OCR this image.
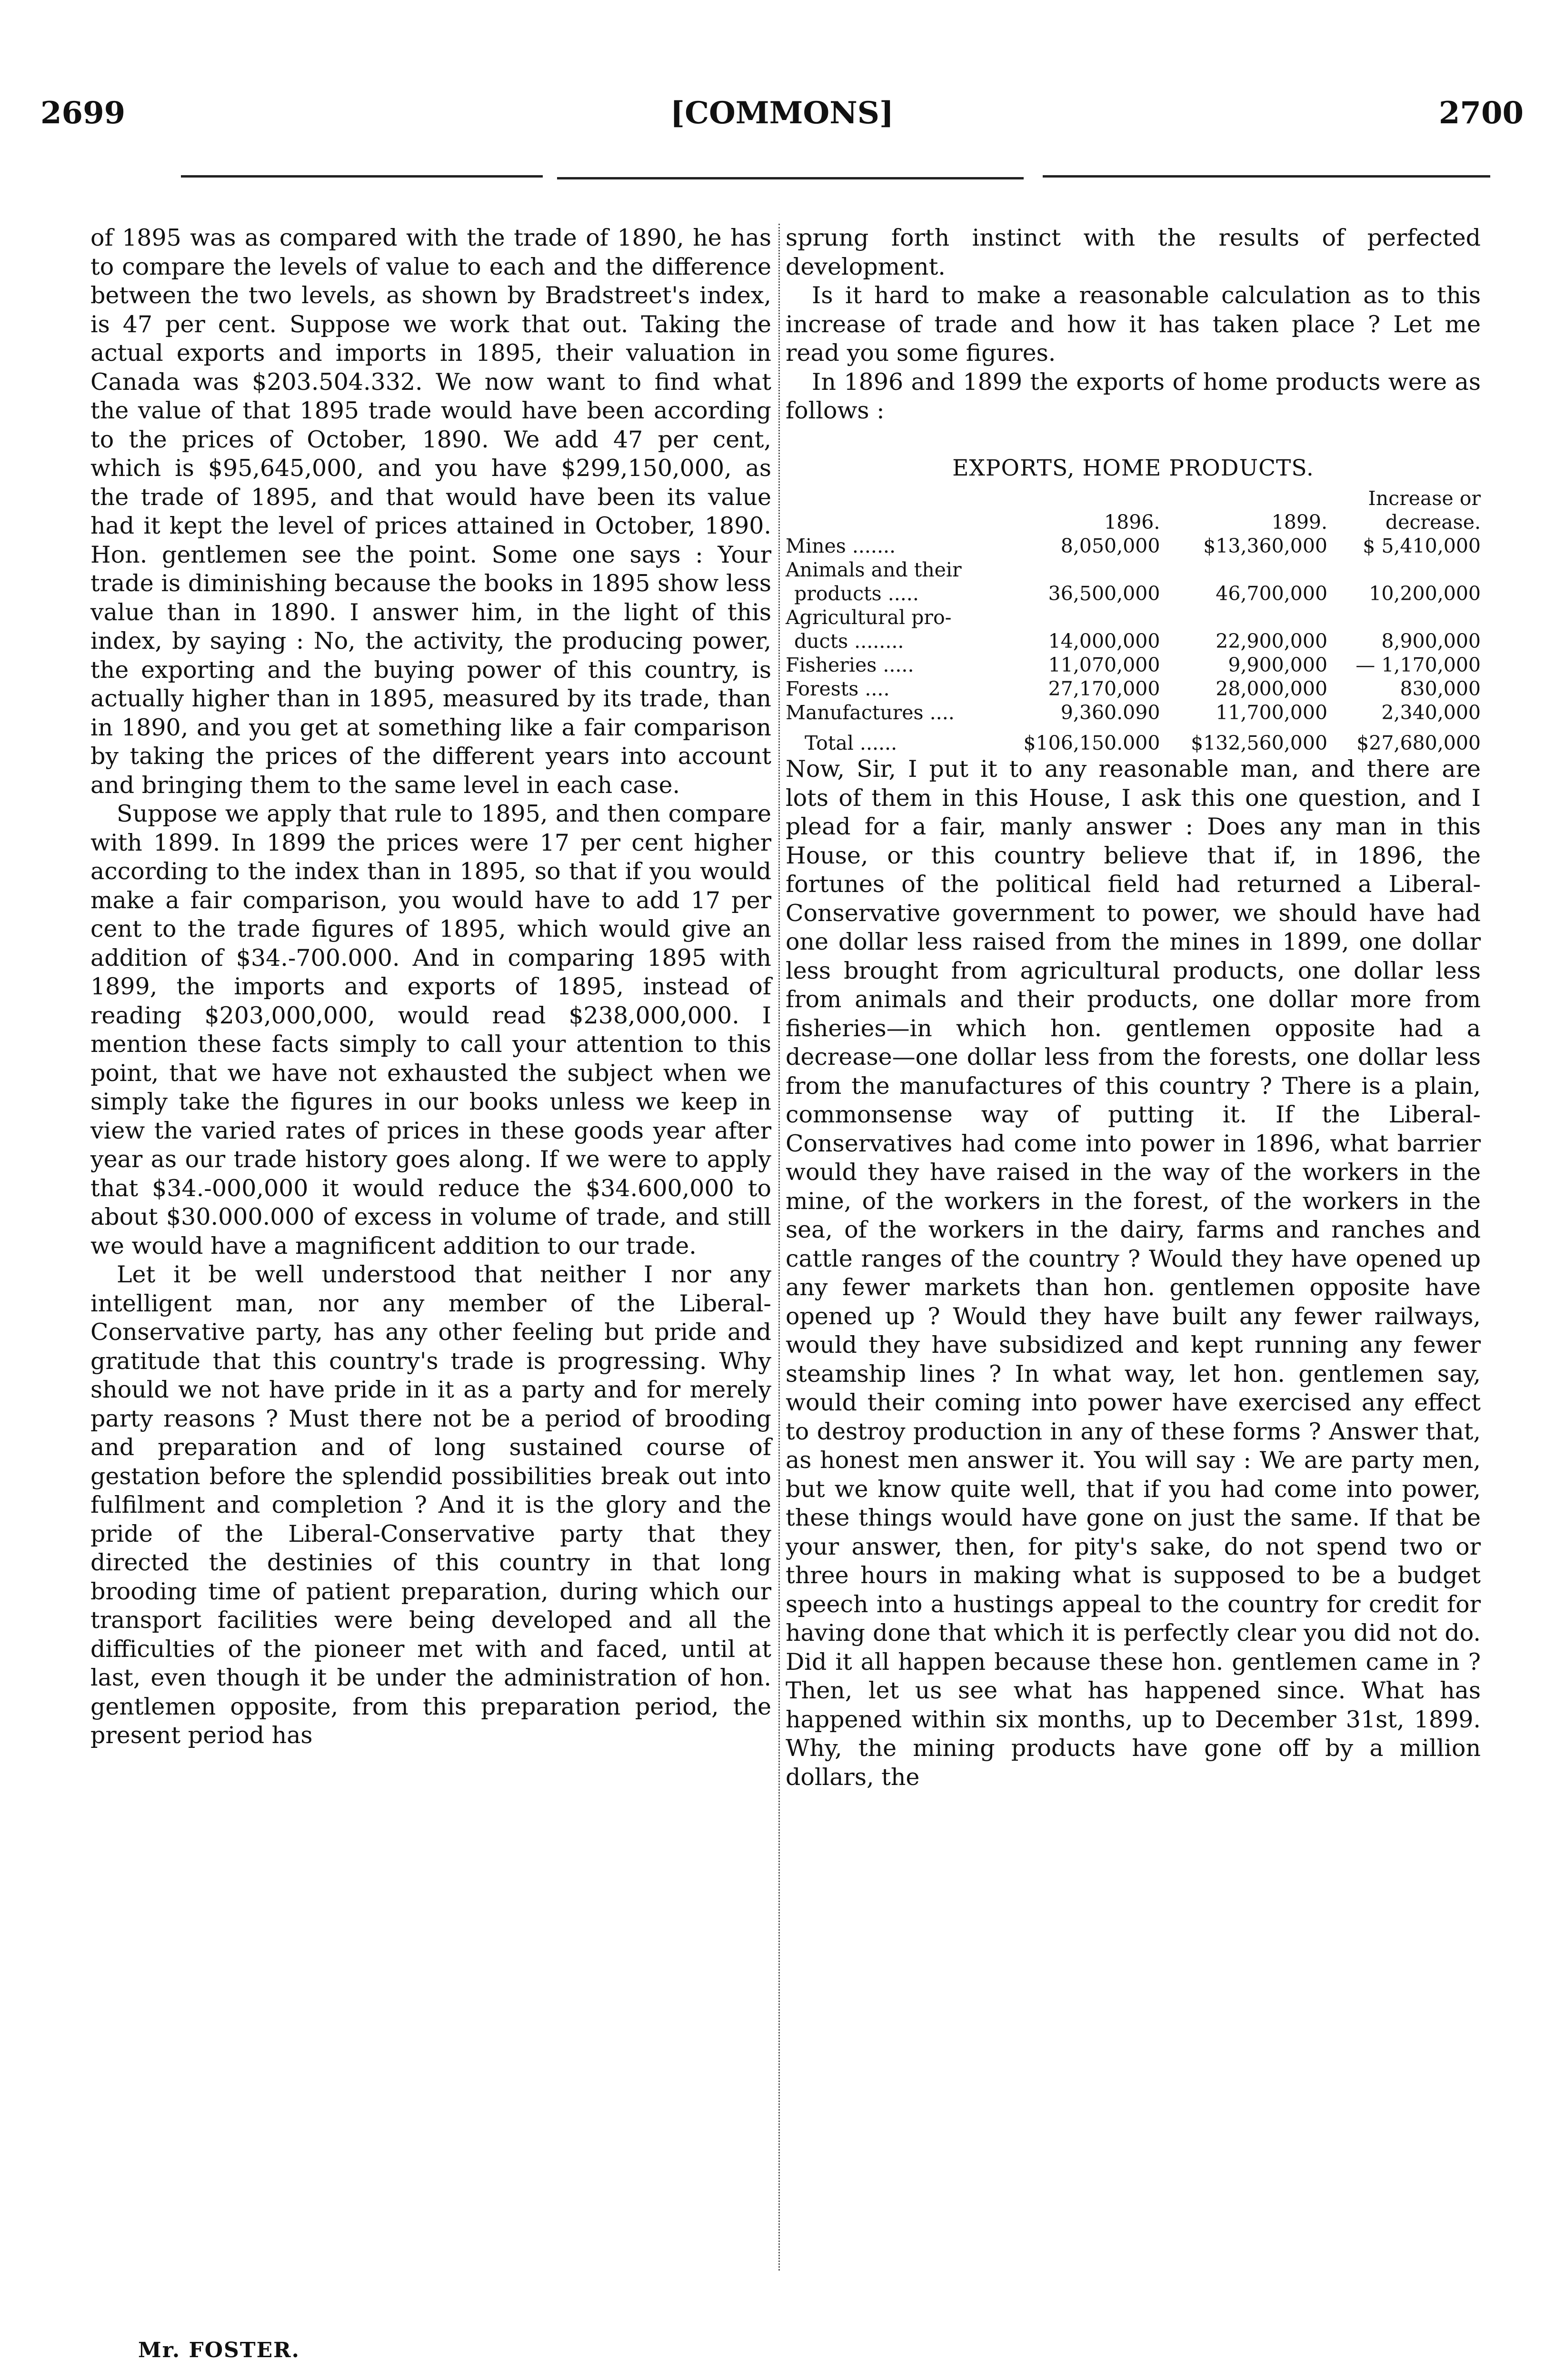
2699	[COMMONS]	2700

of 1895 was as compared with the trade of 1890, he has to compare the levels of value to each and the difference between the two levels, as shown by Bradstreet's index, is 47 per cent. Suppose we work that out. Taking the actual exports and imports in 1895, their valuation in Canada was $203.504.332. We now want to find what the value of that 1895 trade would have been according to the prices of October, 1890. We add 47 per cent, which is $95,645,000, and you have $299,150,000, as the trade of 1895, and that would have been its value had it kept the level of prices attained in October, 1890. Hon. gentlemen see the point. Some one says : Your trade is diminishing because the books in 1895 show less value than in 1890. I answer him, in the light of this index, by saying : No, the activity, the producing power, the exporting and the buying power of this country, is actually higher than in 1895, measured by its trade, than in 1890, and you get at something like a fair comparison by taking the prices of the different years into account and bringing them to the same level in each case.

Suppose we apply that rule to 1895, and then compare with 1899. In 1899 the prices were 17 per cent higher according to the index than in 1895, so that if you would make a fair comparison, you would have to add 17 per cent to the trade figures of 1895, which would give an addition of $34.-700.000. And in comparing 1895 with 1899, the imports and exports of 1895, instead of reading $203,000,000, would read $238,000,000. I mention these facts simply to call your attention to this point, that we have not exhausted the subject when we simply take the figures in our books unless we keep in view the varied rates of prices in these goods year after year as our trade history goes along. If we were to apply that $34.-000,000 it would reduce the $34.600,000 to about $30.000.000 of excess in volume of trade, and still we would have a magnificent addition to our trade.

Let it be well understood that neither I nor any intelligent man, nor any member of the Liberal-Conservative party, has any other feeling but pride and gratitude that this country's trade is progressing. Why should we not have pride in it as a party and for merely party reasons ? Must there not be a period of brooding and preparation and of long sustained course of gestation before the splendid possibilities break out into fulfilment and completion ? And it is the glory and the pride of the Liberal-Conservative party that they directed the destinies of this country in that long brooding time of patient preparation, during which our transport facilities were being developed and all the difficulties of the pioneer met with and faced, until at last, even though it be under the administration of hon. gentlemen opposite, from this preparation period, the present period has

sprung forth instinct with the results of perfected development.

Is it hard to make a reasonable calculation as to this increase of trade and how it has taken place ? Let me read you some figures.

In 1896 and 1899 the exports of home products were as follows :

EXPORTS, HOME PRODUCTS.
			Increase or
	1896.	1899.	decrease.
Mines .......	8,050,000	$13,360,000	$ 5,410,000
Animals and their			
products .....	36,500,000	46,700,000	10,200,000
Agricultural pro-			
ducts ........	14,000,000	22,900,000	8,900,000
Fisheries .....	11,070,000	9,900,000	— 1,170,000
Forests ....	27,170,000	28,000,000	830,000
Manufactures ....	9,360.090	11,700,000	2,340,000
Total ......	$106,150.000	$132,560,000	$27,680,000

Now, Sir, I put it to any reasonable man, and there are lots of them in this House, I ask this one question, and I plead for a fair, manly answer : Does any man in this House, or this country believe that if, in 1896, the fortunes of the political field had returned a Liberal-Conservative government to power, we should have had one dollar less raised from the mines in 1899, one dollar less brought from agricultural products, one dollar less from animals and their products, one dollar more from fisheries—in which hon. gentlemen opposite had a decrease—one dollar less from the forests, one dollar less from the manufactures of this country ? There is a plain, commonsense way of putting it. If the Liberal-Conservatives had come into power in 1896, what barrier would they have raised in the way of the workers in the mine, of the workers in the forest, of the workers in the sea, of the workers in the dairy, farms and ranches and cattle ranges of the country ? Would they have opened up any fewer markets than hon. gentlemen opposite have opened up ? Would they have built any fewer railways, would they have subsidized and kept running any fewer steamship lines ? In what way, let hon. gentlemen say, would their coming into power have exercised any effect to destroy production in any of these forms ? Answer that, as honest men answer it. You will say : We are party men, but we know quite well, that if you had come into power, these things would have gone on just the same. If that be your answer, then, for pity's sake, do not spend two or three hours in making what is supposed to be a budget speech into a hustings appeal to the country for credit for having done that which it is perfectly clear you did not do. Did it all happen because these hon. gentlemen came in ? Then, let us see what has happened since. What has happened within six months, up to December 31st, 1899. Why, the mining products have gone off by a million dollars, the

Mr. FOSTER.
